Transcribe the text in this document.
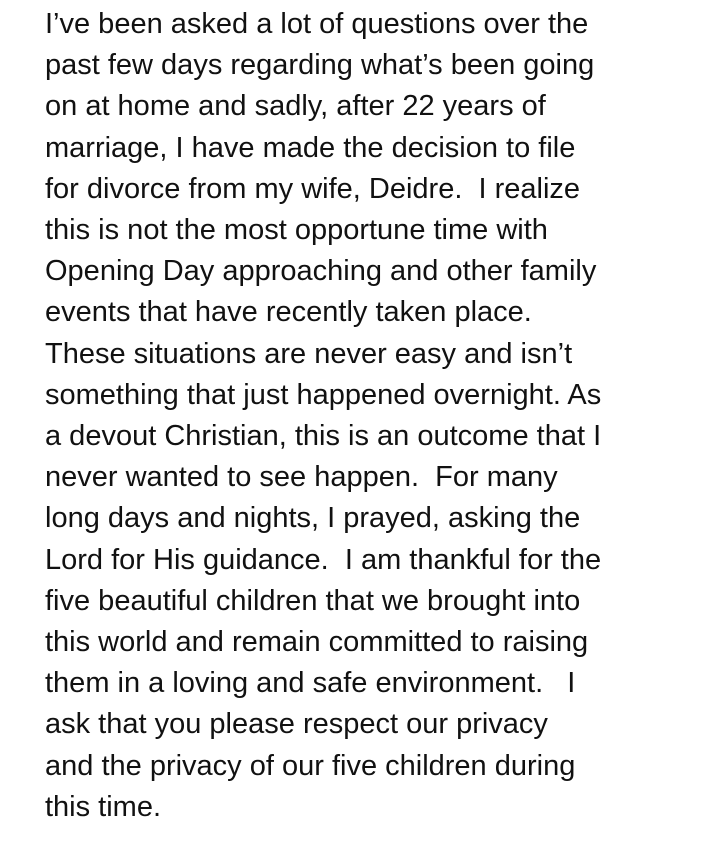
I’ve been asked a lot of questions over the
past few days regarding what’s been going
on at home and sadly, after 22 years of
marriage, I have made the decision to file
for divorce from my wife, Deidre.  I realize
this is not the most opportune time with
Opening Day approaching and other family
events that have recently taken place.
These situations are never easy and isn’t
something that just happened overnight. As
a devout Christian, this is an outcome that I
never wanted to see happen.  For many
long days and nights, I prayed, asking the
Lord for His guidance.  I am thankful for the
five beautiful children that we brought into
this world and remain committed to raising
them in a loving and safe environment.   I
ask that you please respect our privacy
and the privacy of our five children during
this time.
